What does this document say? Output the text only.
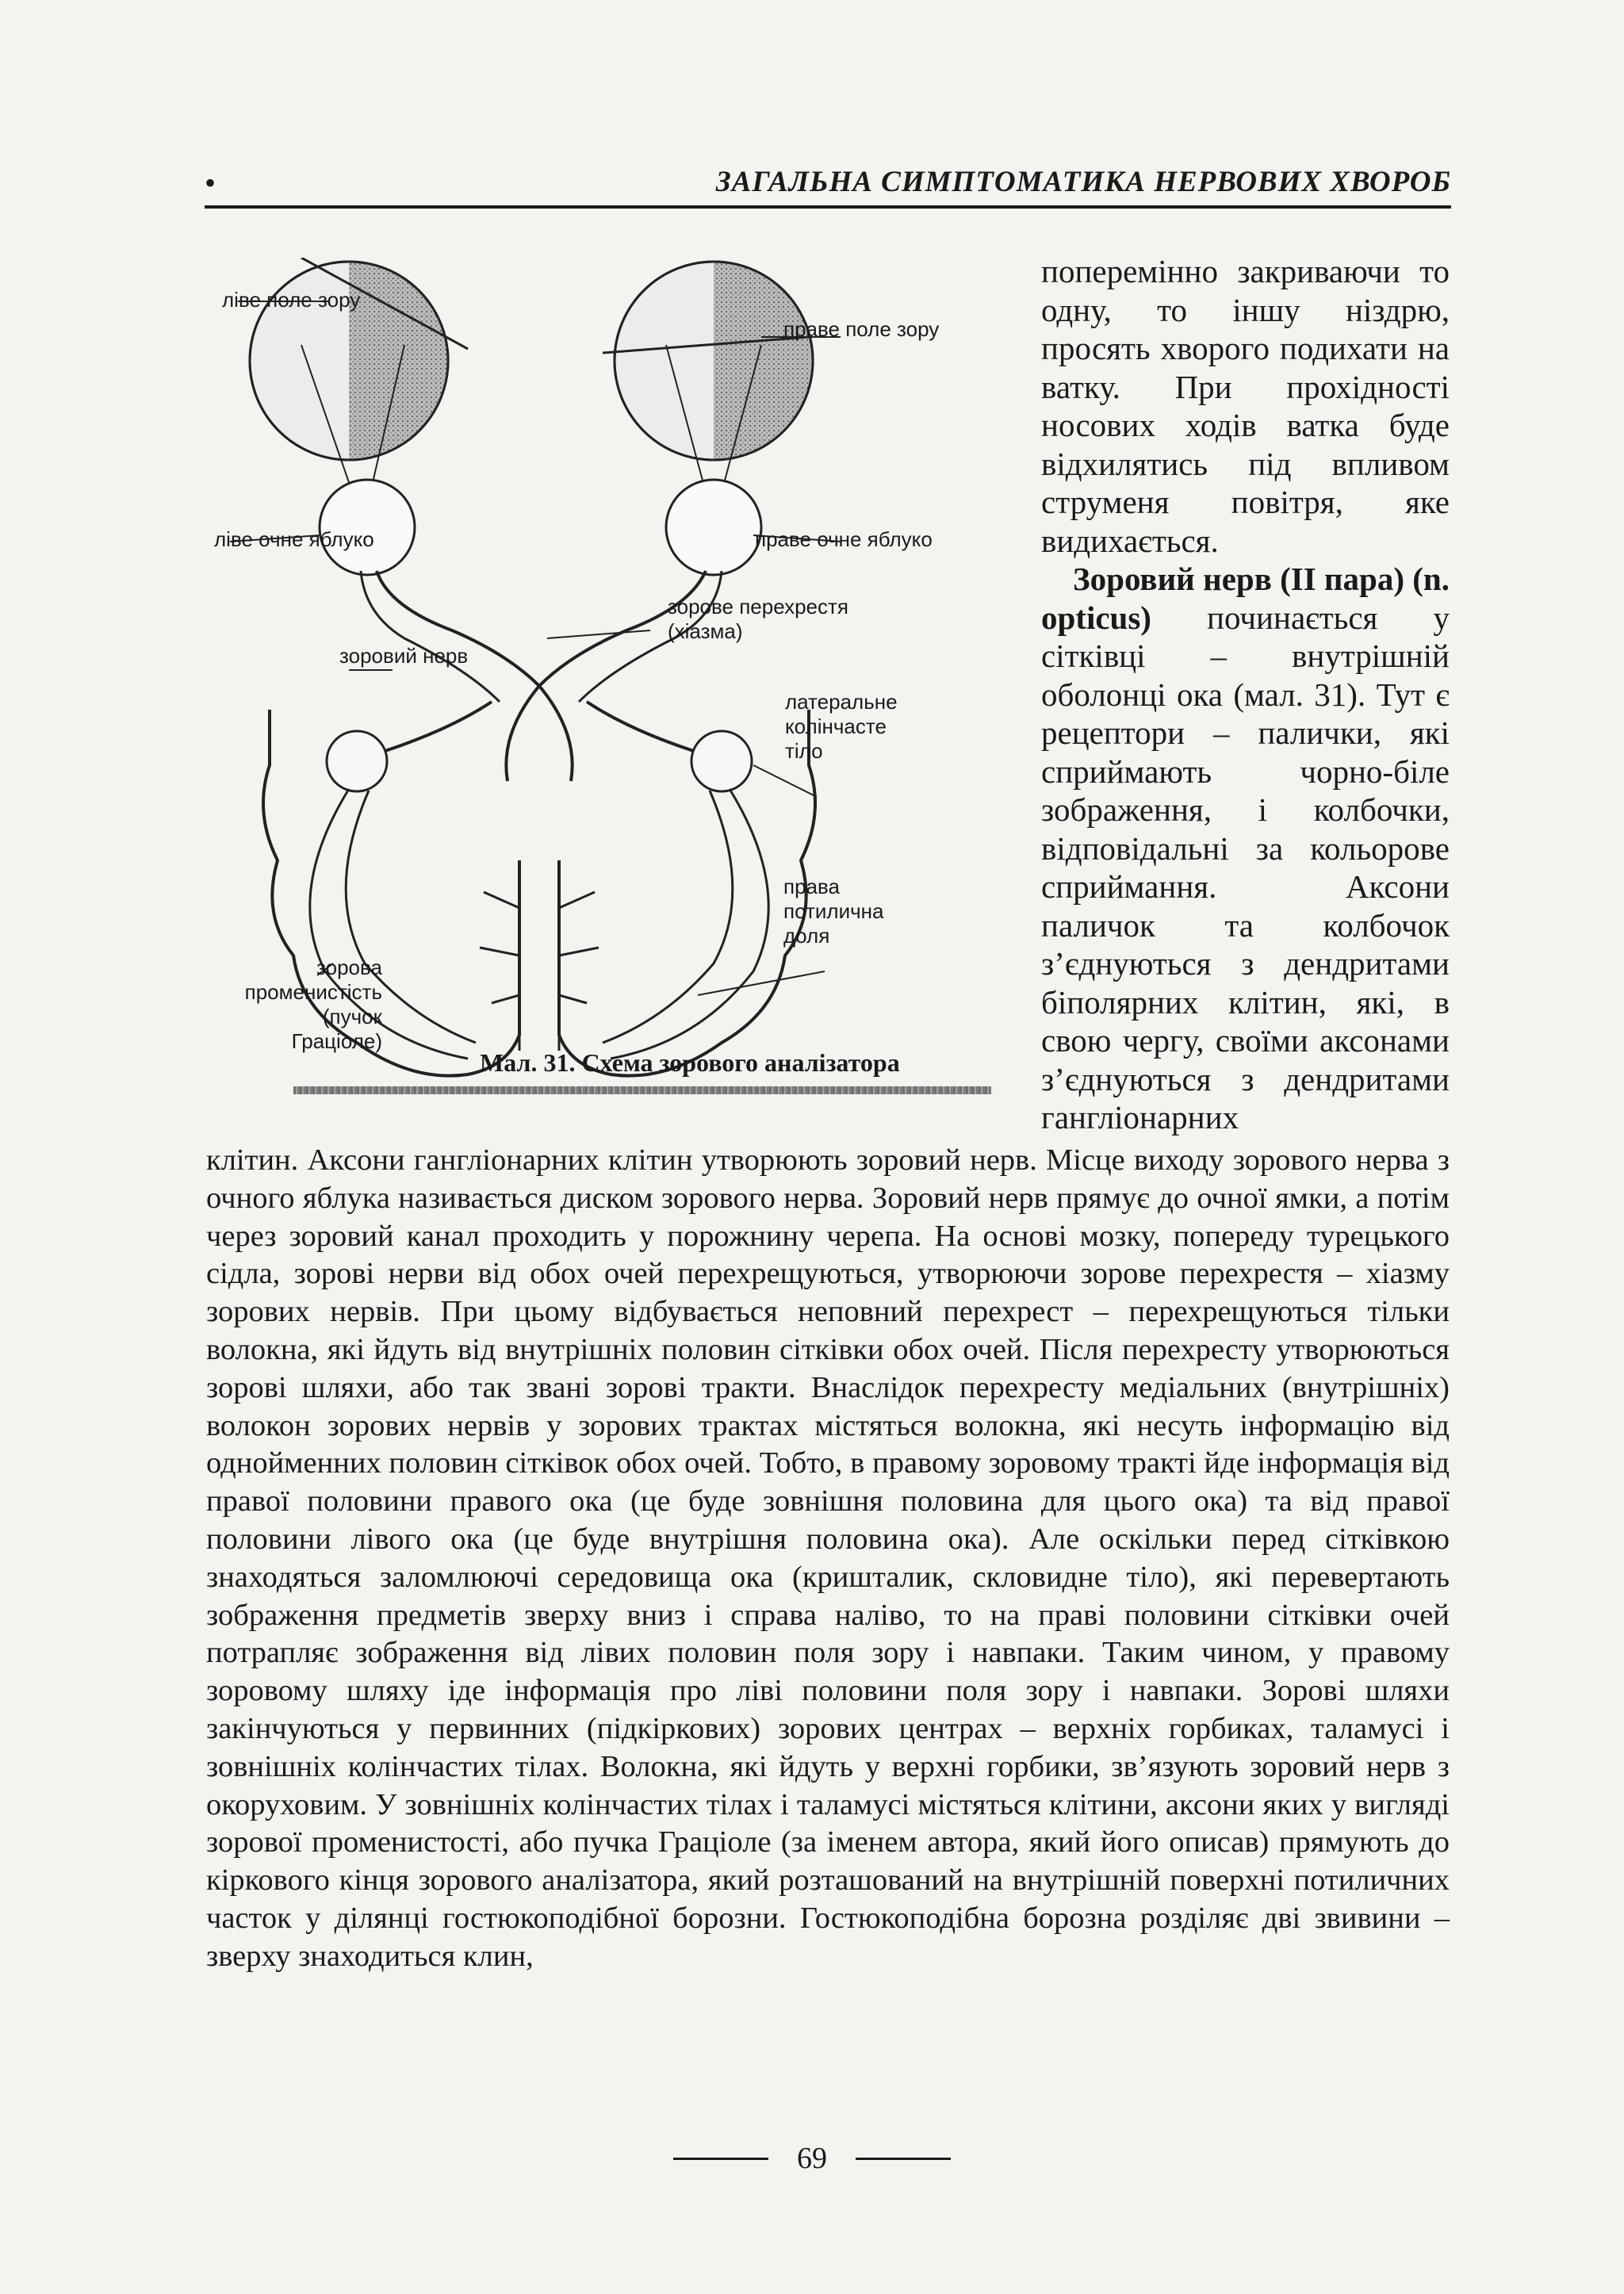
•	ЗАГАЛЬНА СИМПТОМАТИКА НЕРВОВИХ ХВОРОБ
ліве поле зору
праве поле зору
ліве очне яблуко	праве очне яблуко
зорове перехрестя
(хіазма)
зоровий нерв
латеральне
колінчасте
тіло
права
потилична
доля
зорова
променистість
(пучок
Граціоле)
Мал. 31. Схема зорового аналізатора

поперемінно закриваючи то одну, то іншу ніздрю, просять хворого подихати на ватку. При прохідності носових ходів ватка буде відхилятись під впливом струменя повітря, яке видихається.

Зоровий нерв (II пара) (n. opticus) починається у сітківці – внутрішній оболонці ока (мал. 31). Тут є рецептори – палички, які сприймають чорно-біле зображення, і колбочки, відповідальні за кольорове сприймання. Аксони паличок та колбочок з’єднуються з дендритами біполярних клітин, які, в свою чергу, своїми аксонами з’єднуються з дендритами гангліонарних

клітин. Аксони гангліонарних клітин утворюють зоровий нерв. Місце виходу зорового нерва з очного яблука називається диском зорового нерва. Зоровий нерв прямує до очної ямки, а потім через зоровий канал проходить у порожнину черепа. На основі мозку, попереду турецького сідла, зорові нерви від обох очей перехрещуються, утворюючи зорове перехрестя – хіазму зорових нервів. При цьому відбувається неповний перехрест – перехрещуються тільки волокна, які йдуть від внутрішніх половин сітківки обох очей. Після перехресту утворюються зорові шляхи, або так звані зорові тракти. Внаслідок перехресту медіальних (внутрішніх) волокон зорових нервів у зорових трактах містяться волокна, які несуть інформацію від однойменних половин сітківок обох очей. Тобто, в правому зоровому тракті йде інформація від правої половини правого ока (це буде зовнішня половина для цього ока) та від правої половини лівого ока (це буде внутрішня половина ока). Але оскільки перед сітківкою знаходяться заломлюючі середовища ока (кришталик, скловидне тіло), які перевертають зображення предметів зверху вниз і справа наліво, то на праві половини сітківки очей потрапляє зображення від лівих половин поля зору і навпаки. Таким чином, у правому зоровому шляху іде інформація про ліві половини поля зору і навпаки. Зорові шляхи закінчуються у первинних (підкіркових) зорових центрах – верхніх горбиках, таламусі і зовнішніх колінчастих тілах. Волокна, які йдуть у верхні горбики, зв’язують зоровий нерв з окоруховим. У зовнішніх колінчастих тілах і таламусі містяться клітини, аксони яких у вигляді зорової променистості, або пучка Граціоле (за іменем автора, який його описав) прямують до кіркового кінця зорового аналізатора, який розташований на внутрішній поверхні потиличних часток у ділянці гостюкоподібної борозни. Гостюкоподібна борозна розділяє дві звивини – зверху знаходиться клин,

69
